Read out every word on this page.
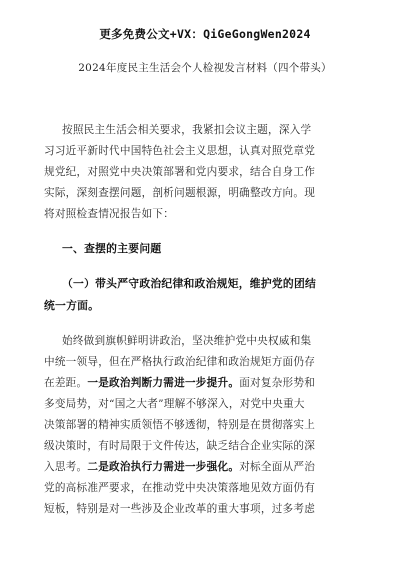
更多免费公文+VX：QiGeGongWen2024
2024年度民主生活会个人检视发言材料（四个带头）
按照民主生活会相关要求，我紧扣会议主题，深入学
习习近平新时代中国特色社会主义思想，认真对照党章党
规党纪，对照党中央决策部署和党内要求，结合自身工作
实际，深刻查摆问题，剖析问题根源，明确整改方向。现
将对照检查情况报告如下：
一、查摆的主要问题
（一）带头严守政治纪律和政治规矩，维护党的团结
统一方面。
始终做到旗帜鲜明讲政治，坚决维护党中央权威和集
中统一领导，但在严格执行政治纪律和政治规矩方面仍存
在差距。一是政治判断力需进一步提升。面对复杂形势和
多变局势，对“国之大者”理解不够深入，对党中央重大
决策部署的精神实质领悟不够透彻，特别是在贯彻落实上
级决策时，有时局限于文件传达，缺乏结合企业实际的深
入思考。二是政治执行力需进一步强化。对标全面从严治
党的高标准严要求，在推动党中央决策落地见效方面仍有
短板，特别是对一些涉及企业改革的重大事项，过多考虑
